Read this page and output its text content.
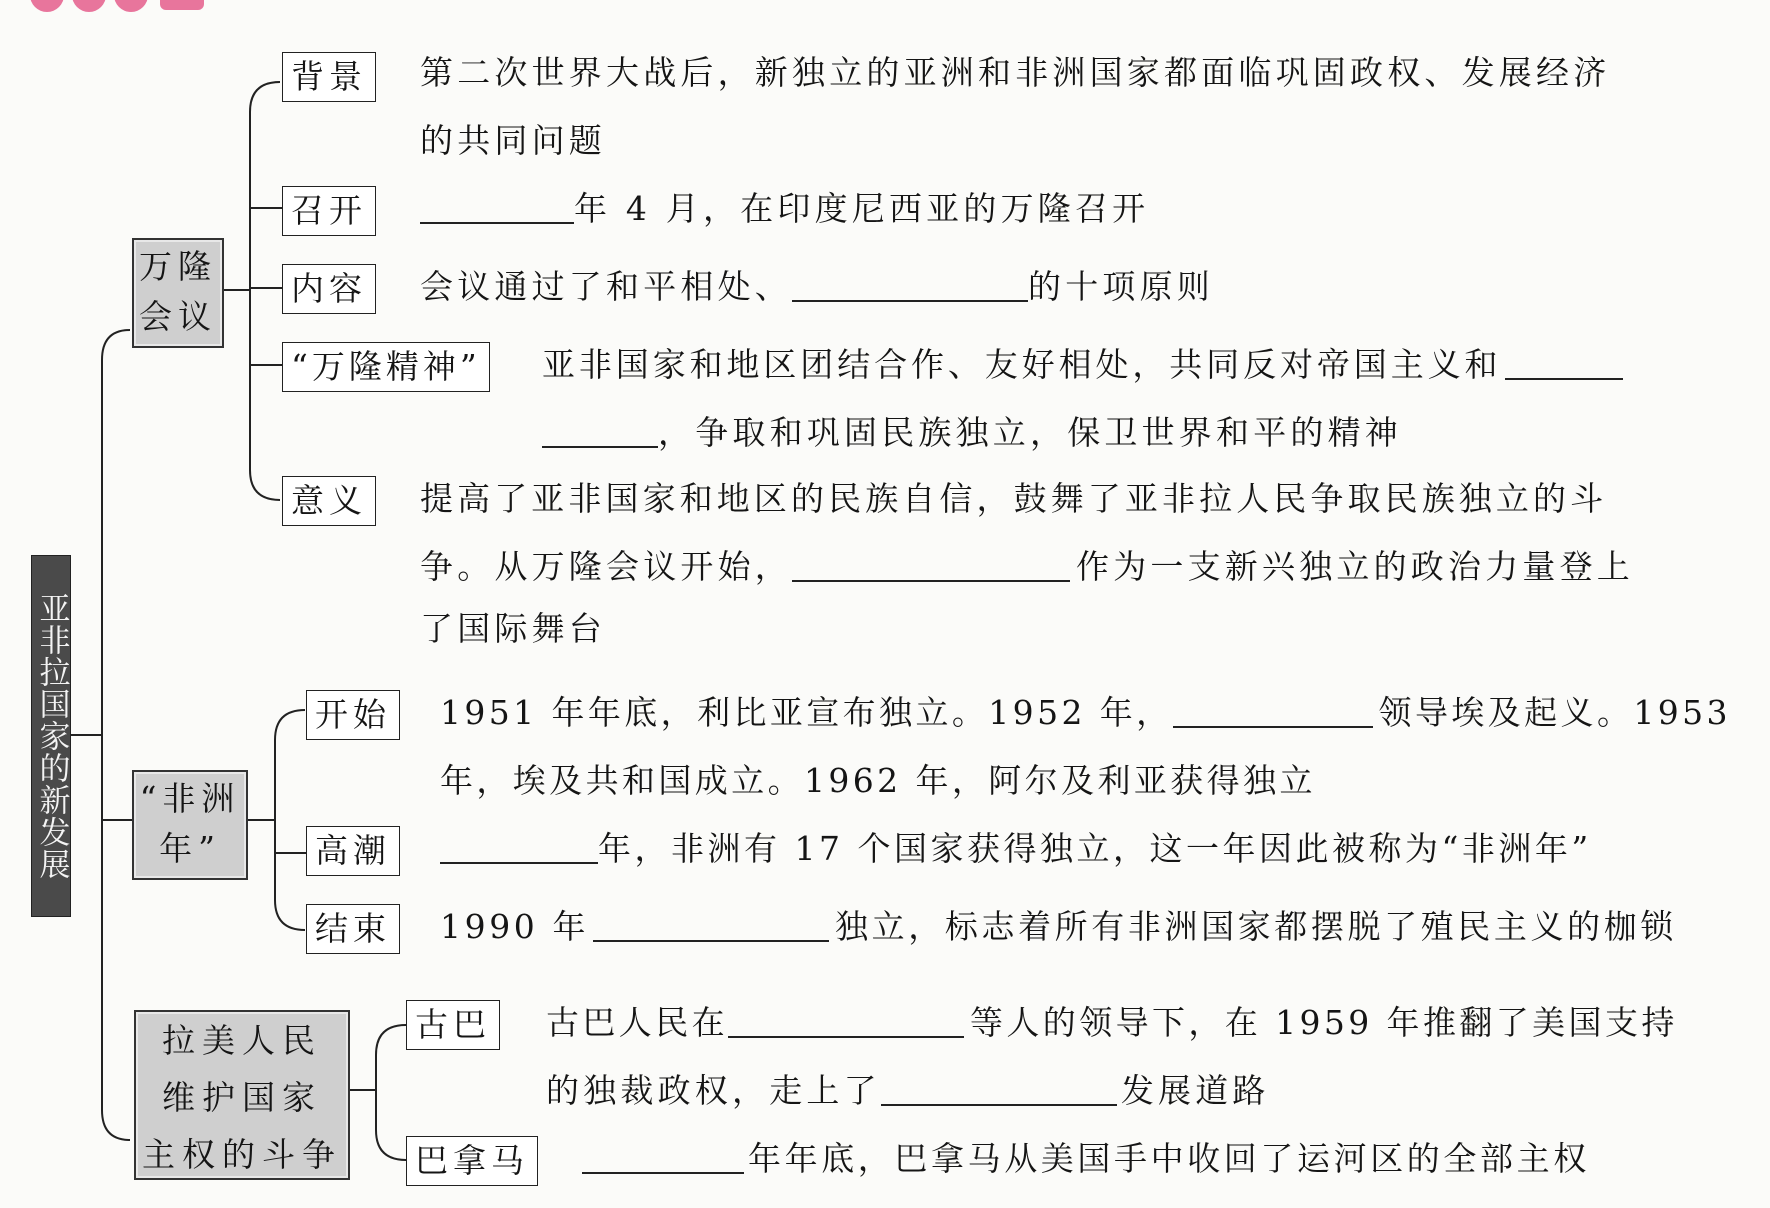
亚非拉国家的新发展
万隆会议
背景 第二次世界大战后，新独立的亚洲和非洲国家都面临巩固政权、发展经济
的共同问题
召开	年 4 月，在印度尼西亚的万隆召开
内容 会议通过了和平相处、	的十项原则
“万隆精神” 亚非国家和地区团结合作、友好相处，共同反对帝国主义和
，争取和巩固民族独立，保卫世界和平的精神
意义 提高了亚非国家和地区的民族自信，鼓舞了亚非拉人民争取民族独立的斗
争。从万隆会议开始，	作为一支新兴独立的政治力量登上
了国际舞台
“非洲年”
开始 1951 年年底，利比亚宣布独立。1952 年，	领导埃及起义。1953
年，埃及共和国成立。1962 年，阿尔及利亚获得独立
高潮	年，非洲有 17 个国家获得独立，这一年因此被称为“非洲年”
结束 1990 年	独立，标志着所有非洲国家都摆脱了殖民主义的枷锁
拉美人民
维护国家
主权的斗争
古巴 古巴人民在	等人的领导下，在 1959 年推翻了美国支持
的独裁政权，走上了	发展道路
巴拿马	年年底，巴拿马从美国手中收回了运河区的全部主权
